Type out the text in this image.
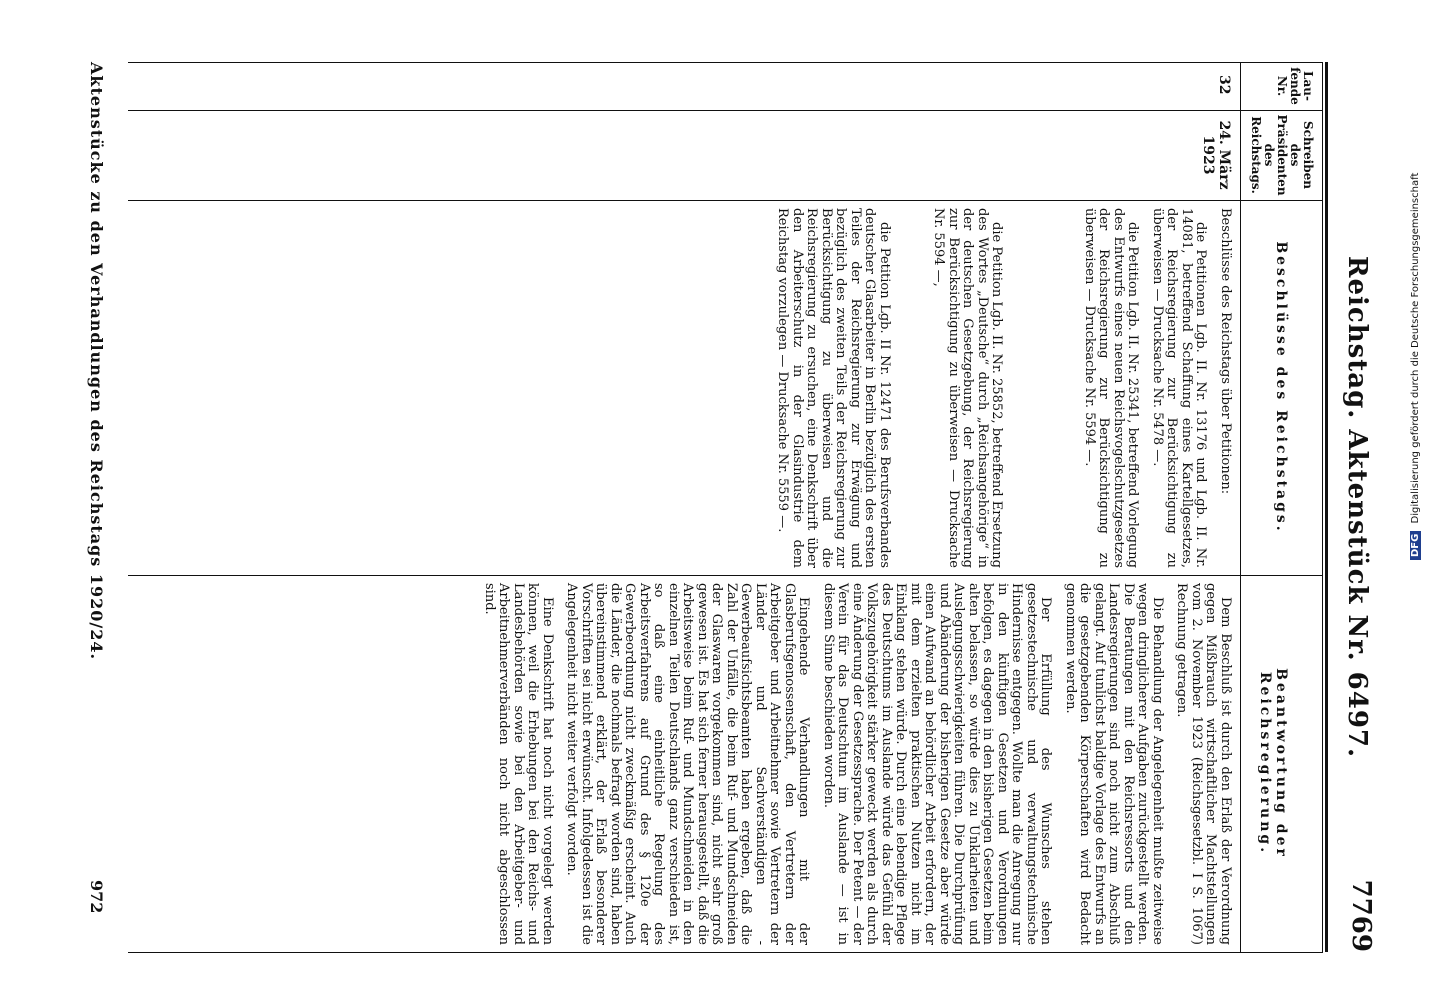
Reichstag. Aktenstück Nr. 6497.
7769
Lau-fende Nr.
Schreiben des Präsidenten des Reichstags.
Beschlüsse des Reichstags.
Beantwortung der Reichsregierung.
32
24. März 1923

Beschlüsse des Reichstags über Petitionen:

die Petitionen Lgb. II. Nr. 13176 und Lgb. II. Nr. 14081, betreffend Schaffung eines Kartellgesetzes, der Reichsregierung zur Berücksichtigung zu überweisen — Drucksache Nr. 5478 —.

die Petition Lgb. II. Nr. 25341, betreffend Vorlegung des Entwurfs eines neuen Reichsvogelschutzgesetzes der Reichsregierung zur Berücksichtigung zu überweisen — Drucksache Nr. 5594 —.

die Petition Lgb. II. Nr. 25852, betreffend Ersetzung des Wortes „Deutsche“ durch „Reichsangehörige“ in der deutschen Gesetzgebung, der Reichsregierung zur Berücksichtigung zu überweisen — Drucksache Nr. 5594 —,

die Petition Lgb. II Nr. 12471 des Berufsverbandes deutscher Glasarbeiter in Berlin bezüglich des ersten Teiles der Reichsregierung zur Erwägung und bezüglich des zweiten Teils der Reichsregierung zur Berücksichtigung zu überweisen und die Reichsregierung zu ersuchen, eine Denkschrift über den Arbeiterschutz in der Glasindustrie dem Reichstag vorzulegen — Drucksache Nr. 5559 —.

Dem Beschluß ist durch den Erlaß der Verordnung gegen Mißbrauch wirtschaftlicher Machtstellungen vom 2. November 1923 (Reichsgesetzbl. I S. 1067) Rechnung getragen.

Die Behandlung der Angelegenheit mußte zeitweise wegen dringlicherer Aufgaben zurückgestellt werden. Die Beratungen mit den Reichsressorts und den Landesregierungen sind noch nicht zum Abschluß gelangt. Auf tunlichst baldige Vorlage des Entwurfs an die gesetzgebenden Körperschaften wird Bedacht genommen werden.

Der Erfüllung des Wunsches stehen gesetzestechnische und verwaltungstechnische Hindernisse entgegen. Wollte man die Anregung nur in den künftigen Gesetzen und Verordnungen befolgen, es dagegen in den bisherigen Gesetzen beim alten belassen, so würde dies zu Unklarheiten und Auslegungsschwierigkeiten führen. Die Durchprüfung und Abänderung der bisherigen Gesetze aber würde einen Aufwand an behördlicher Arbeit erfordern, der mit dem erzielten praktischen Nutzen nicht im Einklang stehen würde. Durch eine lebendige Pflege des Deutschtums im Auslande würde das Gefühl der Volkszugehörigkeit stärker geweckt werden als durch eine Änderung der Gesetzessprache. Der Petent — der Verein für das Deutschtum im Auslande — ist in diesem Sinne beschieden worden.

Eingehende Verhandlungen mit der Glasberufsgenossenschaft, den Vertretern der Arbeitgeber und Arbeitnehmer sowie Vertretern der Länder und Sachverständigen - Gewerbeaufsichtsbeamten haben ergeben, daß die Zahl der Unfälle, die beim Ruf- und Mundschneiden der Glaswaren vorgekommen sind, nicht sehr groß gewesen ist. Es hat sich ferner herausgestellt, daß die Arbeitsweise beim Ruf- und Mundschneiden in den einzelnen Teilen Deutschlands ganz verschieden ist, so daß eine einheitliche Regelung des Arbeitsverfahrens auf Grund des § 120e der Gewerbeordnung nicht zweckmäßig erscheint. Auch die Länder, die nochmals befragt worden sind, haben übereinstimmend erklärt, der Erlaß besonderer Vorschriften sei nicht erwünscht. Infolgedessen ist die Angelegenheit nicht weiter verfolgt worden.

Eine Denkschrift hat noch nicht vorgelegt werden können, weil die Erhebungen bei den Reichs- und Landesbehörden sowie bei den Arbeitgeber- und Arbeitnehmerverbänden noch nicht abgeschlossen sind.

Aktenstücke zu den Verhandlungen des Reichstags 1920/24.
972
DFG Digitalisierung gefördert durch die Deutsche Forschungsgemeinschaft
